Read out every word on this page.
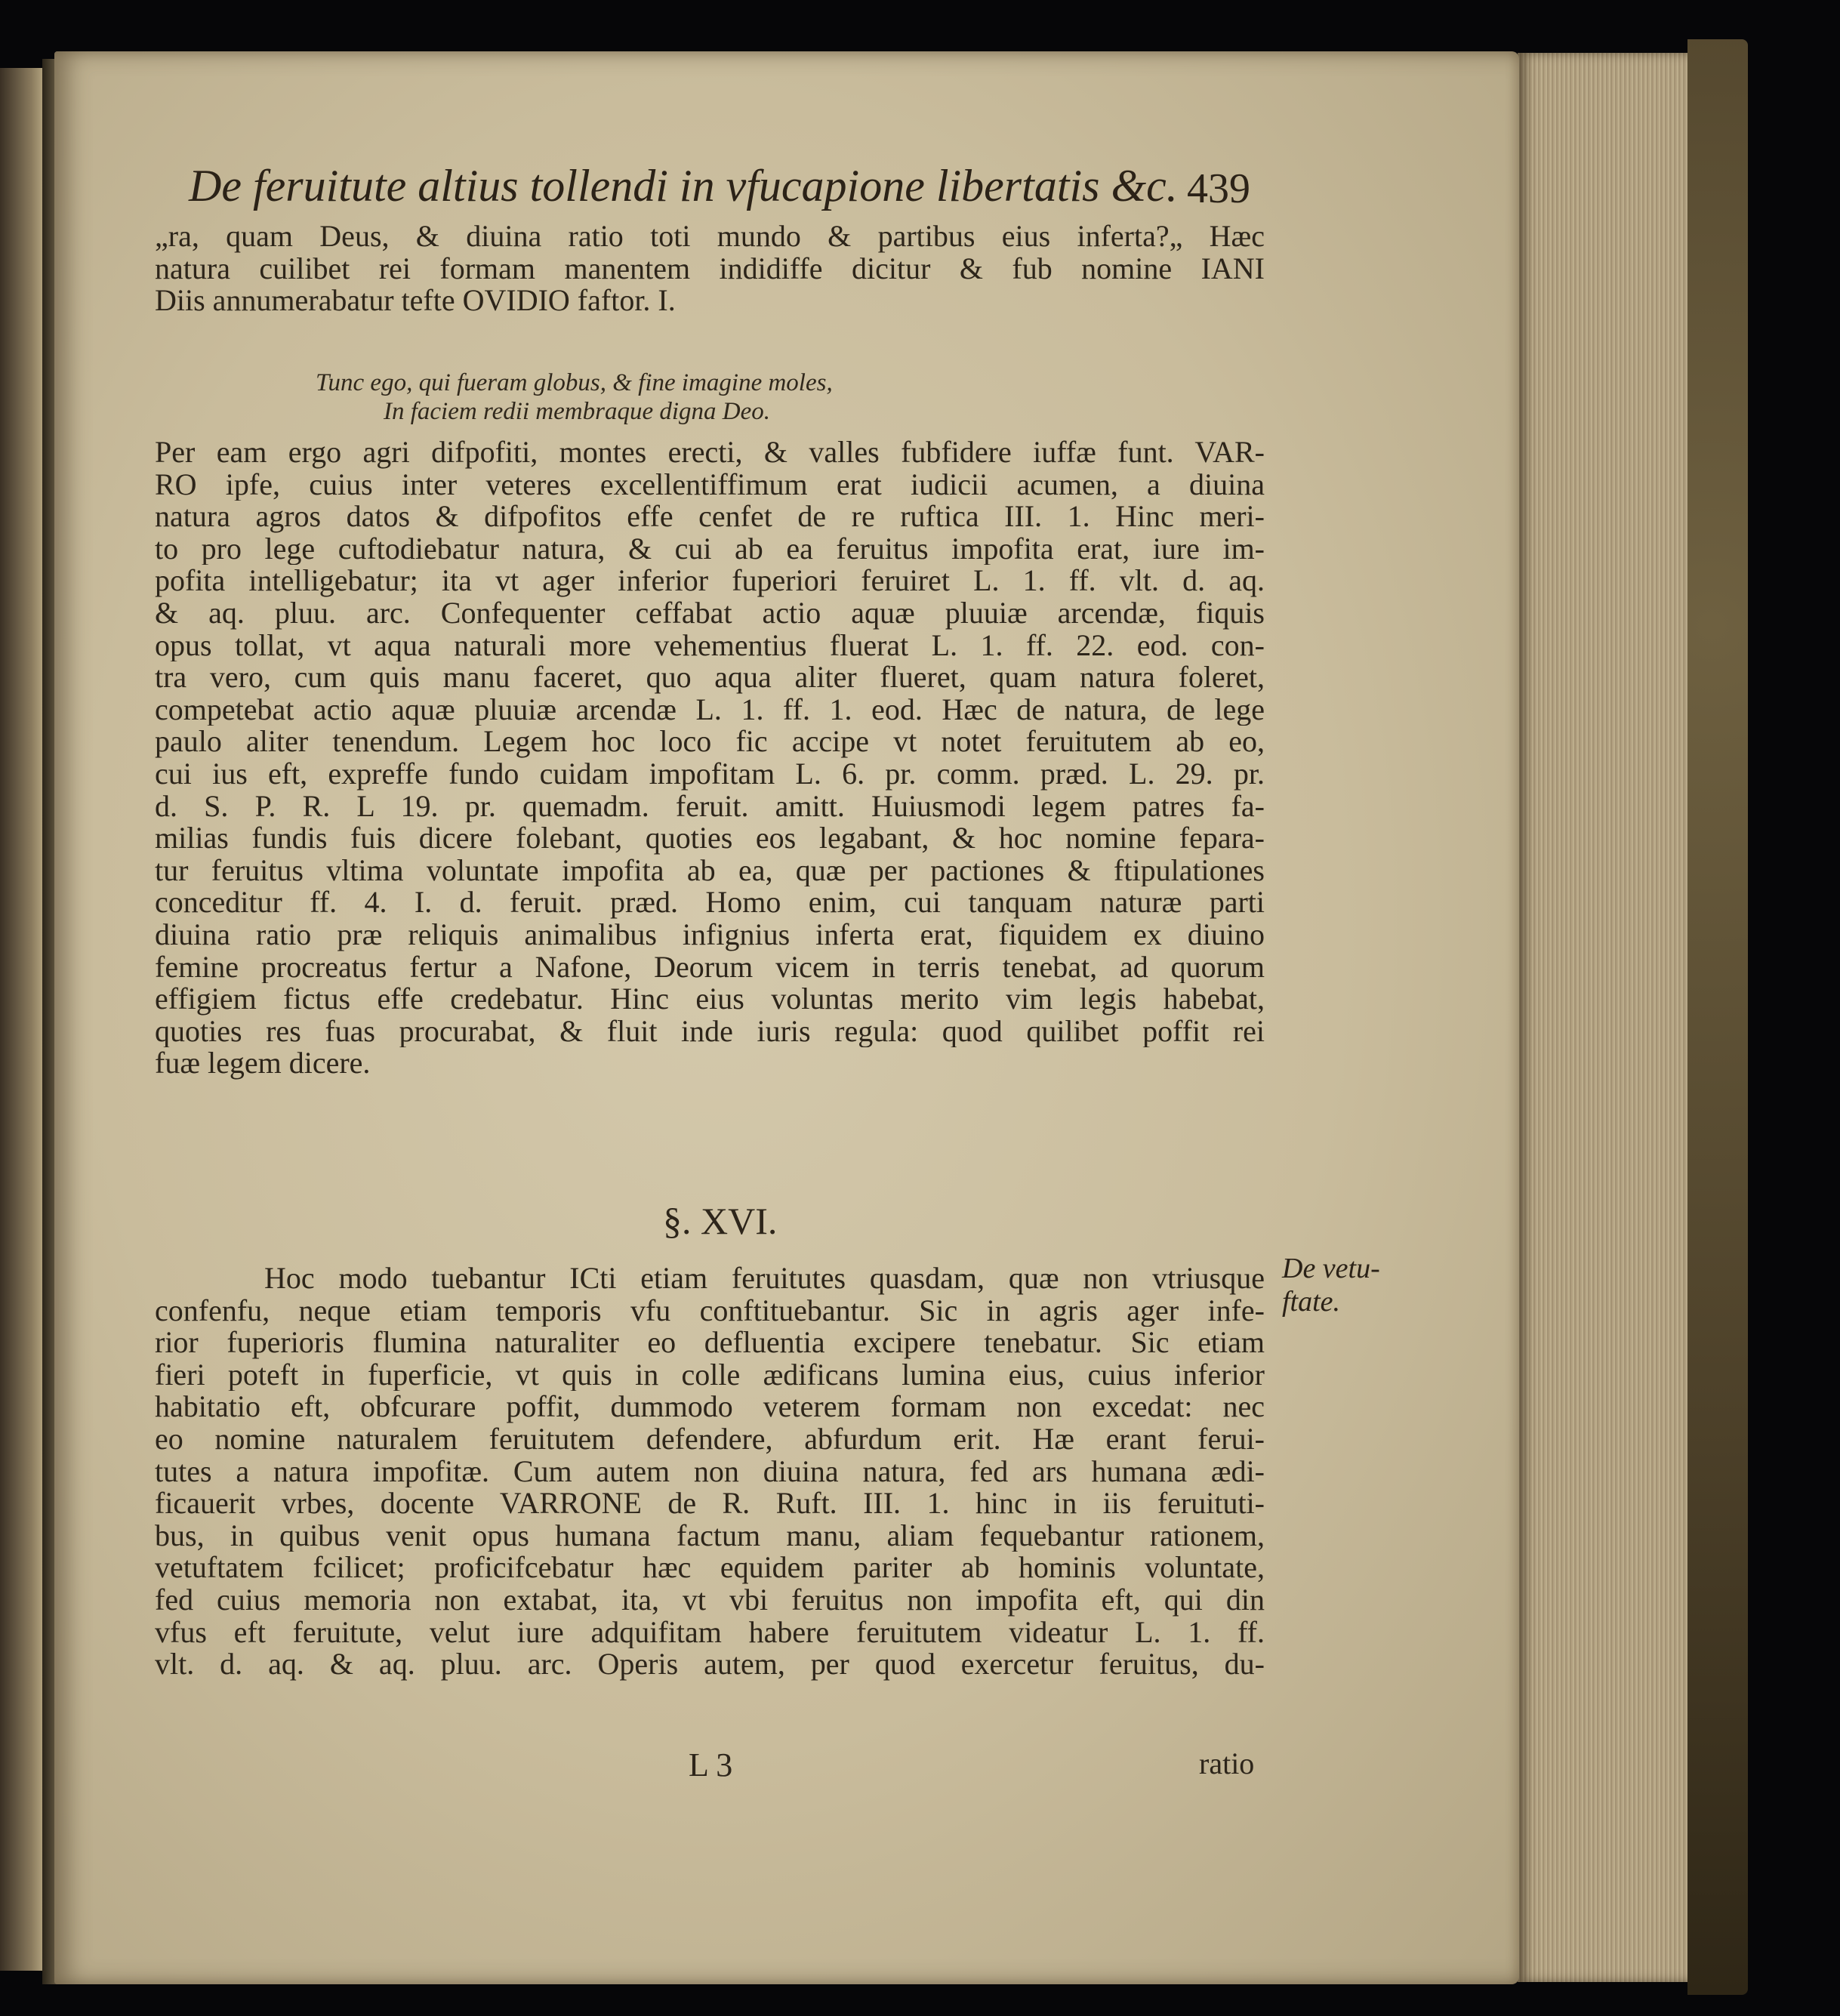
De feruitute altius tollendi in vfucapione libertatis &c. 439
„ra, quam Deus, & diuina ratio toti mundo & partibus eius inferta?„ Hæc
natura cuilibet rei formam manentem indidiffe dicitur & fub nomine IANI
Diis annumerabatur tefte OVIDIO faftor. I.
Tunc ego, qui fueram globus, & fine imagine moles,
In faciem redii membraque digna Deo.
Per eam ergo agri difpofiti, montes erecti, & valles fubfidere iuffæ funt. VAR-
RO ipfe, cuius inter veteres excellentiffimum erat iudicii acumen, a diuina
natura agros datos & difpofitos effe cenfet de re ruftica III. 1. Hinc meri-
to pro lege cuftodiebatur natura, & cui ab ea feruitus impofita erat, iure im-
pofita intelligebatur; ita vt ager inferior fuperiori feruiret L. 1. ff. vlt. d. aq.
& aq. pluu. arc. Confequenter ceffabat actio aquæ pluuiæ arcendæ, fiquis
opus tollat, vt aqua naturali more vehementius fluerat L. 1. ff. 22. eod. con-
tra vero, cum quis manu faceret, quo aqua aliter flueret, quam natura foleret,
competebat actio aquæ pluuiæ arcendæ L. 1. ff. 1. eod. Hæc de natura, de lege
paulo aliter tenendum. Legem hoc loco fic accipe vt notet feruitutem ab eo,
cui ius eft, expreffe fundo cuidam impofitam L. 6. pr. comm. præd. L. 29. pr.
d. S. P. R. L 19. pr. quemadm. feruit. amitt. Huiusmodi legem patres fa-
milias fundis fuis dicere folebant, quoties eos legabant, & hoc nomine fepara-
tur feruitus vltima voluntate impofita ab ea, quæ per pactiones & ftipulationes
conceditur ff. 4. I. d. feruit. præd. Homo enim, cui tanquam naturæ parti
diuina ratio præ reliquis animalibus infignius inferta erat, fiquidem ex diuino
femine procreatus fertur a Nafone, Deorum vicem in terris tenebat, ad quorum
effigiem fictus effe credebatur. Hinc eius voluntas merito vim legis habebat,
quoties res fuas procurabat, & fluit inde iuris regula: quod quilibet poffit rei
fuæ legem dicere.
§. XVI.
De vetu-
ftate.
Hoc modo tuebantur ICti etiam feruitutes quasdam, quæ non vtriusque
confenfu, neque etiam temporis vfu conftituebantur. Sic in agris ager infe-
rior fuperioris flumina naturaliter eo defluentia excipere tenebatur. Sic etiam
fieri poteft in fuperficie, vt quis in colle ædificans lumina eius, cuius inferior
habitatio eft, obfcurare poffit, dummodo veterem formam non excedat: nec
eo nomine naturalem feruitutem defendere, abfurdum erit. Hæ erant ferui-
tutes a natura impofitæ. Cum autem non diuina natura, fed ars humana ædi-
ficauerit vrbes, docente VARRONE de R. Ruft. III. 1. hinc in iis feruituti-
bus, in quibus venit opus humana factum manu, aliam fequebantur rationem,
vetuftatem fcilicet; proficifcebatur hæc equidem pariter ab hominis voluntate,
fed cuius memoria non extabat, ita, vt vbi feruitus non impofita eft, qui din
vfus eft feruitute, velut iure adquifitam habere feruitutem videatur L. 1. ff.
vlt. d. aq. & aq. pluu. arc. Operis autem, per quod exercetur feruitus, du-
L 3	ratio
